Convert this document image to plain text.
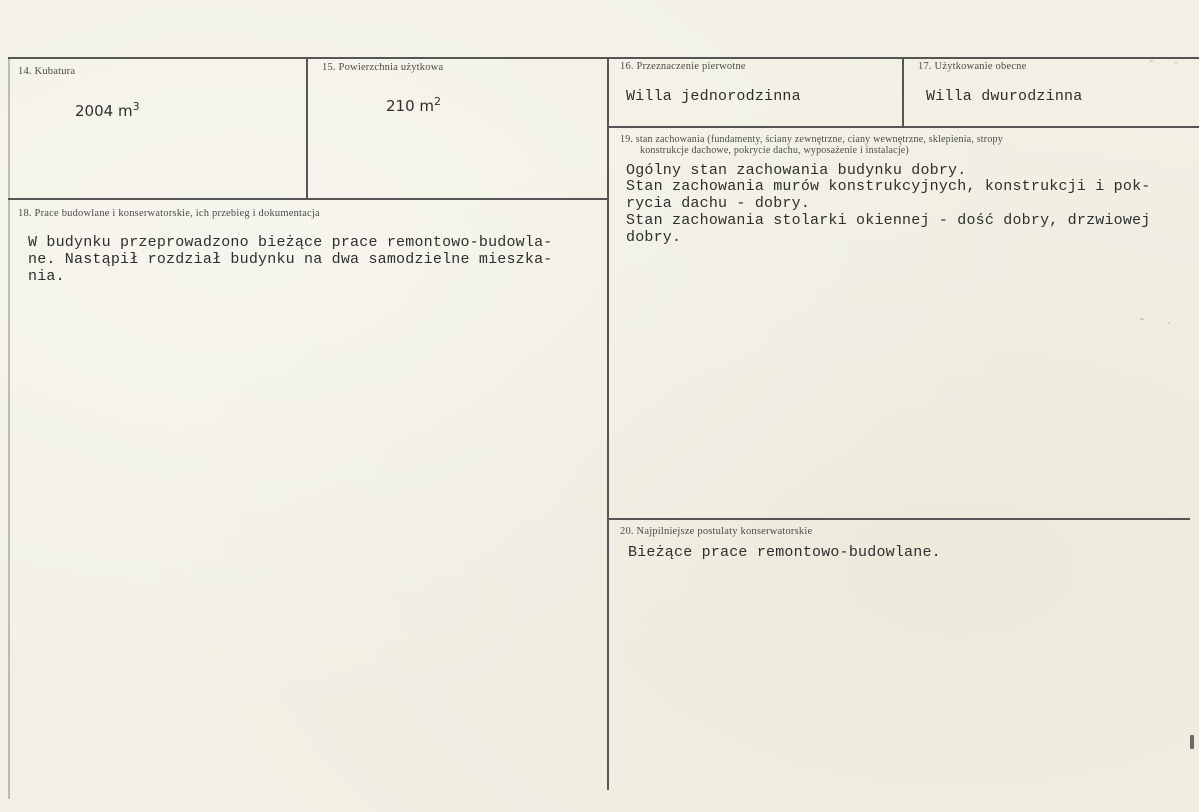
14. Kubatura
2004 $m^3$
15. Powierzchnia użytkowa
210 $m^2$
16. Przeznaczenie pierwotne
Willa jednorodzinna
17. Użytkowanie obecne
Willa dwurodzinna
19. stan zachowania (fundamenty, ściany zewnętrzne, ciany wewnętrzne, sklepienia, stropy
konstrukcje dachowe, pokrycie dachu, wyposażenie i instalacje)
Ogólny stan zachowania budynku dobry.
Stan zachowania murów konstrukcyjnych, konstrukcji i pok-
rycia dachu - dobry.
Stan zachowania stolarki okiennej - dość dobry, drzwiowej
dobry.
18. Prace budowlane i konserwatorskie, ich przebieg i dokumentacja
W budynku przeprowadzono bieżące prace remontowo-budowla-
ne. Nastąpił rozdział budynku na dwa samodzielne mieszka-
nia.
20. Najpilniejsze postulaty konserwatorskie
Bieżące prace remontowo-budowlane.
